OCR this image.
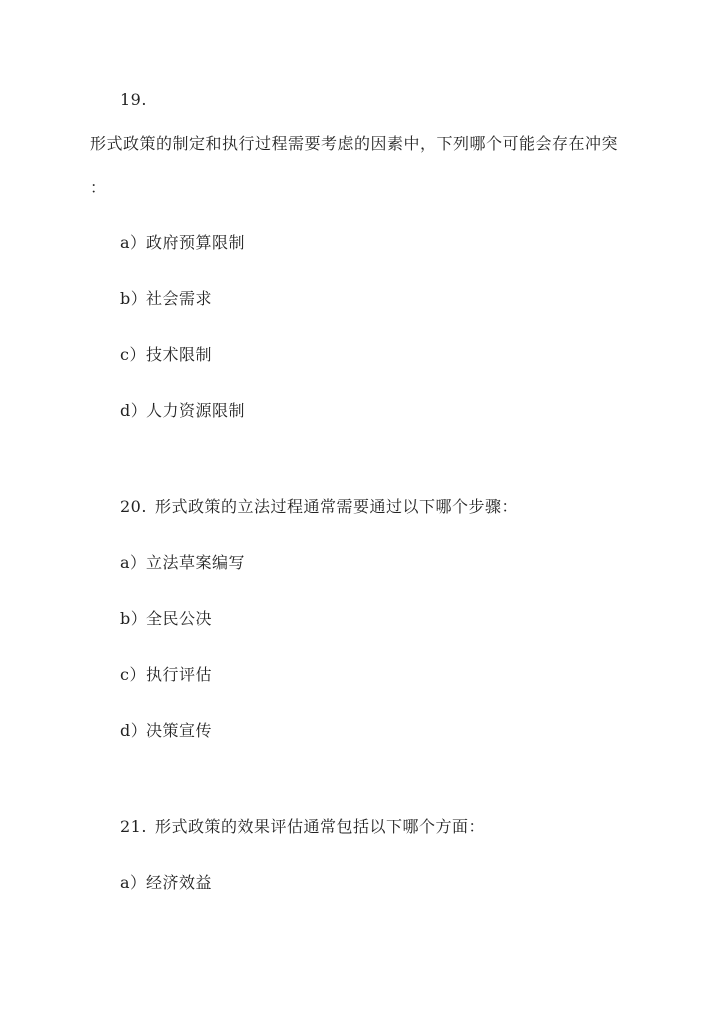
19.
形式政策的制定和执行过程需要考虑的因素中，下列哪个可能会存在冲突
：
a）政府预算限制
b）社会需求
c）技术限制
d）人力资源限制
20. 形式政策的立法过程通常需要通过以下哪个步骤：
a）立法草案编写
b）全民公决
c）执行评估
d）决策宣传
21. 形式政策的效果评估通常包括以下哪个方面：
a）经济效益
